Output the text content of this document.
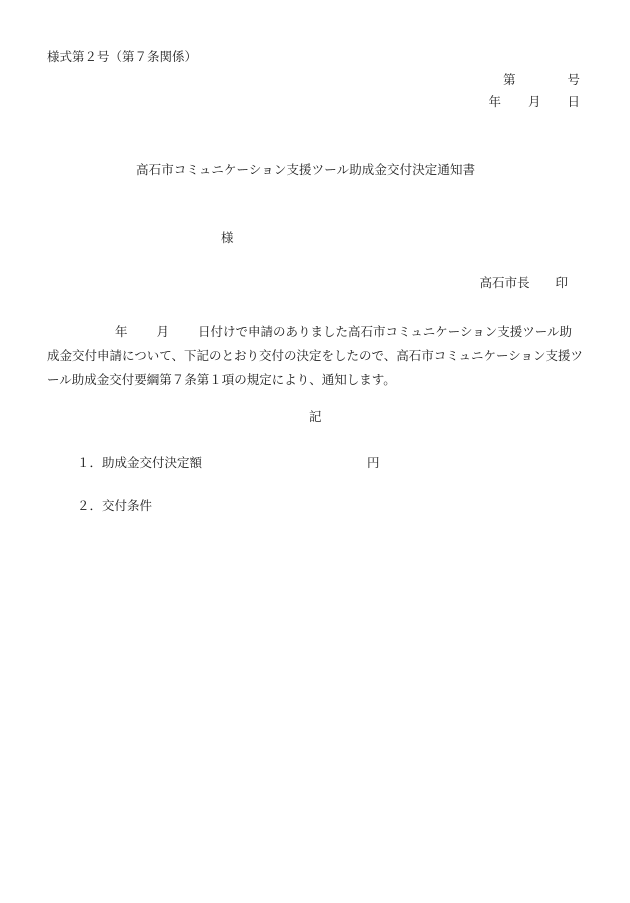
様式第２号（第７条関係）
第	号
年 月 日
高石市コミュニケーション支援ツール助成金交付決定通知書
様
高石市長 印
年 月 日付けで申請のありました高石市コミュニケーション支援ツール助成金交付申請について、下記のとおり交付の決定をしたので、高石市コミュニケーション支援ツール助成金交付要綱第７条第１項の規定により、通知します。
記
１．助成金交付決定額	円
２．交付条件
